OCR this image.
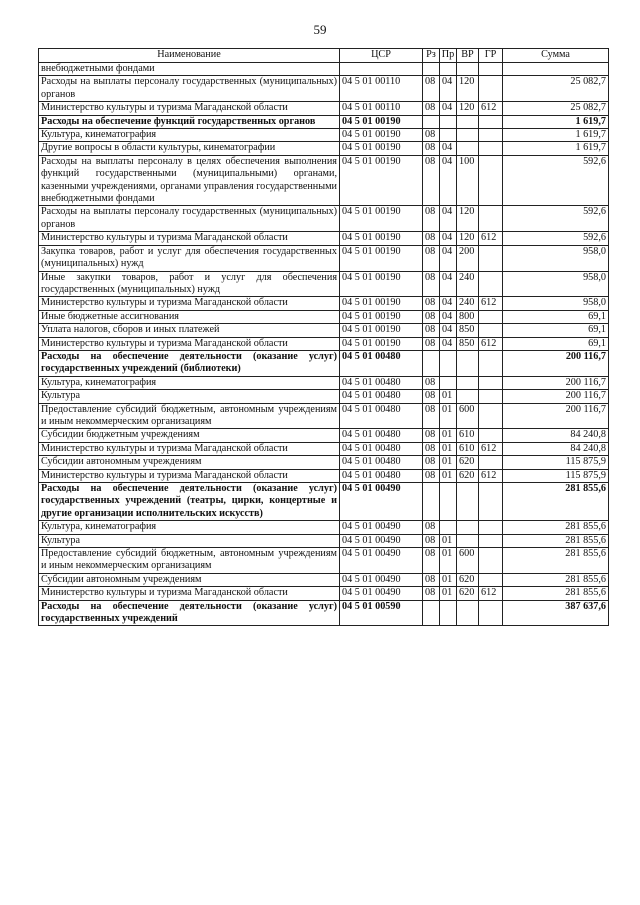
59
Наименование	ЦСР	Рз	Пр	ВР	ГР	Сумма
внебюджетными фондами						
Расходы на выплаты персоналу государственных (муниципальных) органов	04 5 01 00110	08	04	120		25 082,7
Министерство культуры и туризма Магаданской области	04 5 01 00110	08	04	120	612	25 082,7
Расходы на обеспечение функций государственных органов	04 5 01 00190					1 619,7
Культура, кинематография	04 5 01 00190	08				1 619,7
Другие вопросы в области культуры, кинематографии	04 5 01 00190	08	04			1 619,7
Расходы на выплаты персоналу в целях обеспечения выполнения функций государственными (муниципальными) органами, казенными учреждениями, органами управления государственными внебюджетными фондами	04 5 01 00190	08	04	100		592,6
Расходы на выплаты персоналу государственных (муниципальных) органов	04 5 01 00190	08	04	120		592,6
Министерство культуры и туризма Магаданской области	04 5 01 00190	08	04	120	612	592,6
Закупка товаров, работ и услуг для обеспечения государственных (муниципальных) нужд	04 5 01 00190	08	04	200		958,0
Иные закупки товаров, работ и услуг для обеспечения государственных (муниципальных) нужд	04 5 01 00190	08	04	240		958,0
Министерство культуры и туризма Магаданской области	04 5 01 00190	08	04	240	612	958,0
Иные бюджетные ассигнования	04 5 01 00190	08	04	800		69,1
Уплата налогов, сборов и иных платежей	04 5 01 00190	08	04	850		69,1
Министерство культуры и туризма Магаданской области	04 5 01 00190	08	04	850	612	69,1
Расходы на обеспечение деятельности (оказание услуг) государственных учреждений (библиотеки)	04 5 01 00480					200 116,7
Культура, кинематография	04 5 01 00480	08				200 116,7
Культура	04 5 01 00480	08	01			200 116,7
Предоставление субсидий бюджетным, автономным учреждениям и иным некоммерческим организациям	04 5 01 00480	08	01	600		200 116,7
Субсидии бюджетным учреждениям	04 5 01 00480	08	01	610		84 240,8
Министерство культуры и туризма Магаданской области	04 5 01 00480	08	01	610	612	84 240,8
Субсидии автономным учреждениям	04 5 01 00480	08	01	620		115 875,9
Министерство культуры и туризма Магаданской области	04 5 01 00480	08	01	620	612	115 875,9
Расходы на обеспечение деятельности (оказание услуг) государственных учреждений (театры, цирки, концертные и другие организации исполнительских искусств)	04 5 01 00490					281 855,6
Культура, кинематография	04 5 01 00490	08				281 855,6
Культура	04 5 01 00490	08	01			281 855,6
Предоставление субсидий бюджетным, автономным учреждениям и иным некоммерческим организациям	04 5 01 00490	08	01	600		281 855,6
Субсидии автономным учреждениям	04 5 01 00490	08	01	620		281 855,6
Министерство культуры и туризма Магаданской области	04 5 01 00490	08	01	620	612	281 855,6
Расходы на обеспечение деятельности (оказание услуг) государственных учреждений	04 5 01 00590					387 637,6
